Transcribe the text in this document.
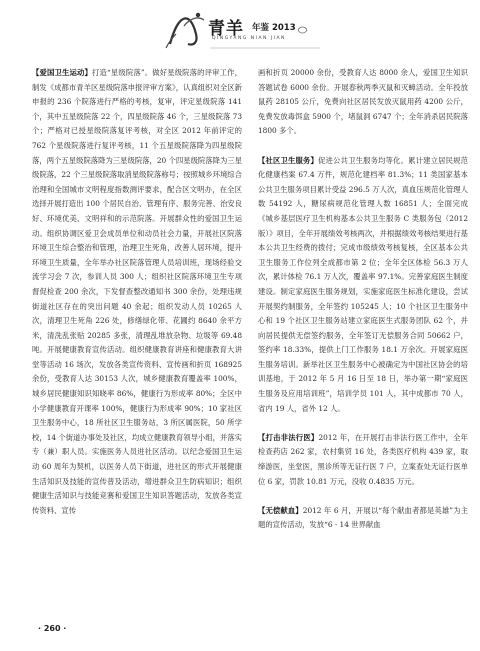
青羊 年鉴 2013
QINGYANG NIAN JIAN

【爱国卫生运动】打造“星级院落”。做好星级院落的评审工作，制发《成都市青羊区星级院落申报评审方案》，认真组织对全区新申报的 236 个院落进行严格的考核，复审，评定星级院落 141 个，其中五星级院落 22 个，四星级院落 46 个，三星级院落 73 个；严格对已授星级院落复评考核，对全区 2012 年前评定的 762 个星级院落进行复评考核，11 个五星级院落降为四星级院落，两个五星级院落降为三星级院落，20 个四星级院落降为三星级院落，22 个三星级院落取消星级院落称号；按照城乡环境综合治理和全国城市文明程度指数测评要求，配合区文明办，在全区选择开展打造出 100 个居民自治、管理有序、服务完善、治安良好、环境优美、文明祥和的示范院落。开展群众性的爱国卫生运动。组织协调区爱卫会成员单位和动员社会力量，开展社区院落环境卫生综合整治和管理，治理卫生死角，改善人居环境，提升环境卫生质量，全年举办社区院落管理人员培训班，现场经验交流学习会 7 次，参训人员 300 人；组织社区院落环境卫生专项督促检查 200 余次，下发督查整改通知书 300 余份，处理违规街道社区存在的突出问题 40 余起；组织发动人员 10265 人次，清理卫生死角 226 处，修缮绿化带、花圃约 8640 余平方米，清洗乱张贴 20285 多张，清理乱堆放杂物、垃圾等 69.48 吨。开展健康教育宣传活动。组织健康教育讲座和健康教育大讲堂等活动 16 场次，发放各类宣传资料、宣传画和折页 168925 余份，受教育人达 30153 人次，城乡健康教育覆盖率 100%，城乡居民健康知识知晓率 86%，健康行为形成率 80%；全区中小学健康教育开课率 100%，健康行为形成率 90%；10 家社区卫生服务中心，18 所社区卫生服务站，3 所区属医院，50 所学校，14 个街道办事处及社区，均成立健康教育领导小组，并落实专（兼）职人员。实施医务人员进社区活动。以纪念爱国卫生运动 60 周年为契机，以医务人员下街道，进社区的形式开展健康生活知识及技能的宣传普及活动，增进群众卫生防病知识；组织健康生活知识与技能竞赛和爱国卫生知识答题活动，发放各类宣传资料、宣传

画和折页 20000 余份，受教育人达 8000 余人，爱国卫生知识答题试卷 6000 余份。开展春秋两季灭鼠和灭蟑活动。全年投放鼠药 28105 公斤，免费向社区居民发放灭鼠用药 4200 公斤，免费发放毒饵盒 5900 个，堵鼠洞 6747 个；全年消杀居民院落 1800 多个。

【社区卫生服务】促进公共卫生服务均等化。累计建立居民规范化健康档案 67.4 万件，规范化建档率 81.3%；11 类国家基本公共卫生服务项目累计受益 296.5 万人次，真血压规范化管理人数 54192 人，糖尿病规范化管理人数 16851 人；全面完成《城乡基层医疗卫生机构基本公共卫生服务 C 类服务包（2012版）》项目，全年开展绩效考核两次，并根据绩效考核结果进行基本公共卫生经费的拨付；完成市级绩效考核复核，全区基本公共卫生服务工作位列全成都市第 2 位；全年全区体检 56.3 万人次，累计体检 76.1 万人次，覆盖率 97.1%。完善家庭医生制度建设。制定家庭医生服务规划，实施家庭医生标准化建设，尝试开展契约制服务，全年签约 105245 人；10 个社区卫生服务中心和 19 个社区卫生服务站建立家庭医生式服务团队 62 个，并向居民提供无偿签约服务，全年签订无偿服务合同 50662 户，签约率 18.33%，提供上门工作服务 18.1 万余次。开展家庭医生服务培训。新举社区卫生服务中心被确定为中国社区协会的培训基地，于 2012 年 5 月 16 日至 18 日，举办第一期“家庭医生服务及应用培训班”，培训学员 101 人，其中成都市 70 人，省内 19 人，省外 12 人。

【打击非法行医】2012 年，在开展打击非法行医工作中，全年检查药店 262 家，农村集贸 16 处，各类医疗机构 439 家，取缔游医，坐堂医，黑诊所等无证行医 7 户，立案查处无证行医单位 6 家，罚款 10.81 万元，没收 0.4835 万元。

【无偿献血】2012 年 6 月，开展以“每个献血者都是英雄”为主题的宣传活动，发放“6 · 14 世界献血

· 260 ·
